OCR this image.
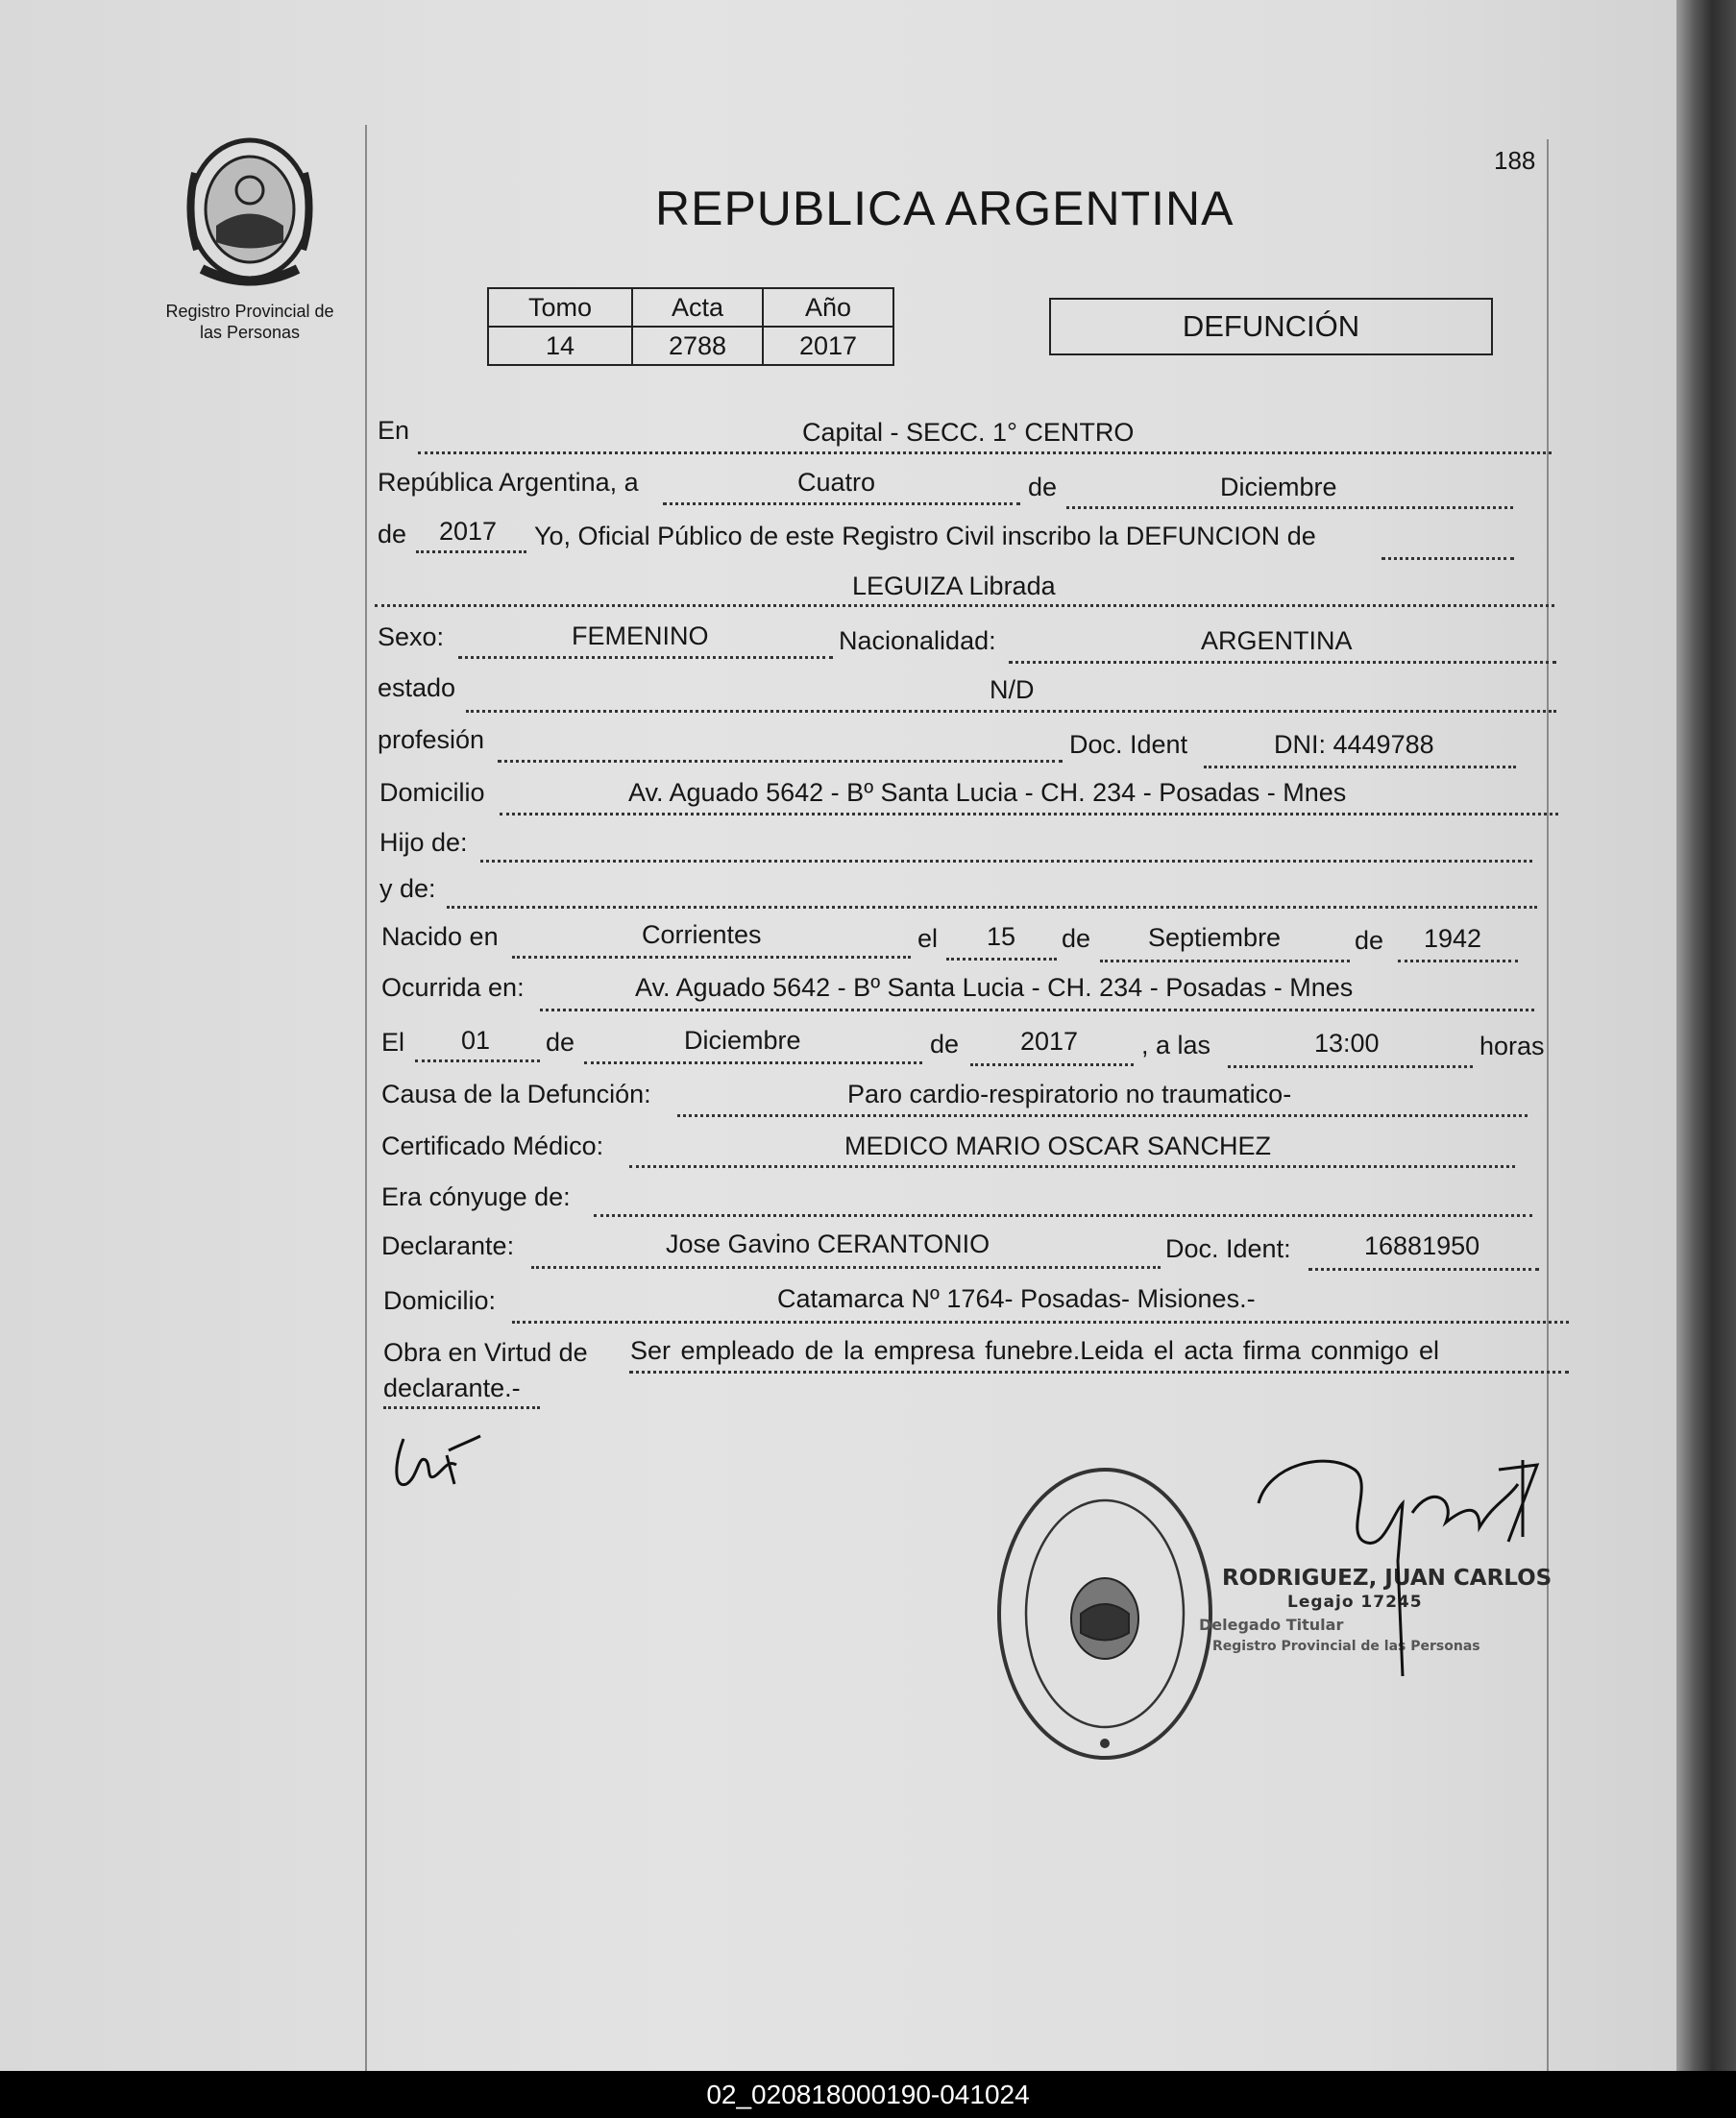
Registro Provincial de
las Personas
188
REPUBLICA ARGENTINA
Tomo	Acta	Año
14	2788	2017
DEFUNCIÓN
En	Capital - SECC. 1° CENTRO
República Argentina, a	Cuatro	de	Diciembre
de 2017 Yo, Oficial Público de este Registro Civil inscribo la DEFUNCION de
LEGUIZA Librada
Sexo:	FEMENINO	Nacionalidad:	ARGENTINA
estado	N/D
profesión	Doc. Ident	DNI: 4449788
Domicilio	Av. Aguado 5642 - Bº Santa Lucia - CH. 234 - Posadas - Mnes
Hijo de:
y de:
Nacido en	Corrientes	el 15 de Septiembre	de 1942
Ocurrida en:	Av. Aguado 5642 - Bº Santa Lucia - CH. 234 - Posadas - Mnes
El 01 de	Diciembre	de 2017 , a las	13:00	horas
Causa de la Defunción:	Paro cardio-respiratorio no traumatico-
Certificado Médico:	MEDICO MARIO OSCAR SANCHEZ
Era cónyuge de:
Declarante:	Jose Gavino CERANTONIO	Doc. Ident:	16881950
Domicilio:	Catamarca Nº 1764- Posadas- Misiones.-
Obra en Virtud de Ser empleado de la empresa funebre.Leida el acta firma conmigo el
declarante.-
RODRIGUEZ, JUAN CARLOS
Legajo 17245
Delegado Titular
Registro Provincial de las Personas
02_020818000190-041024
